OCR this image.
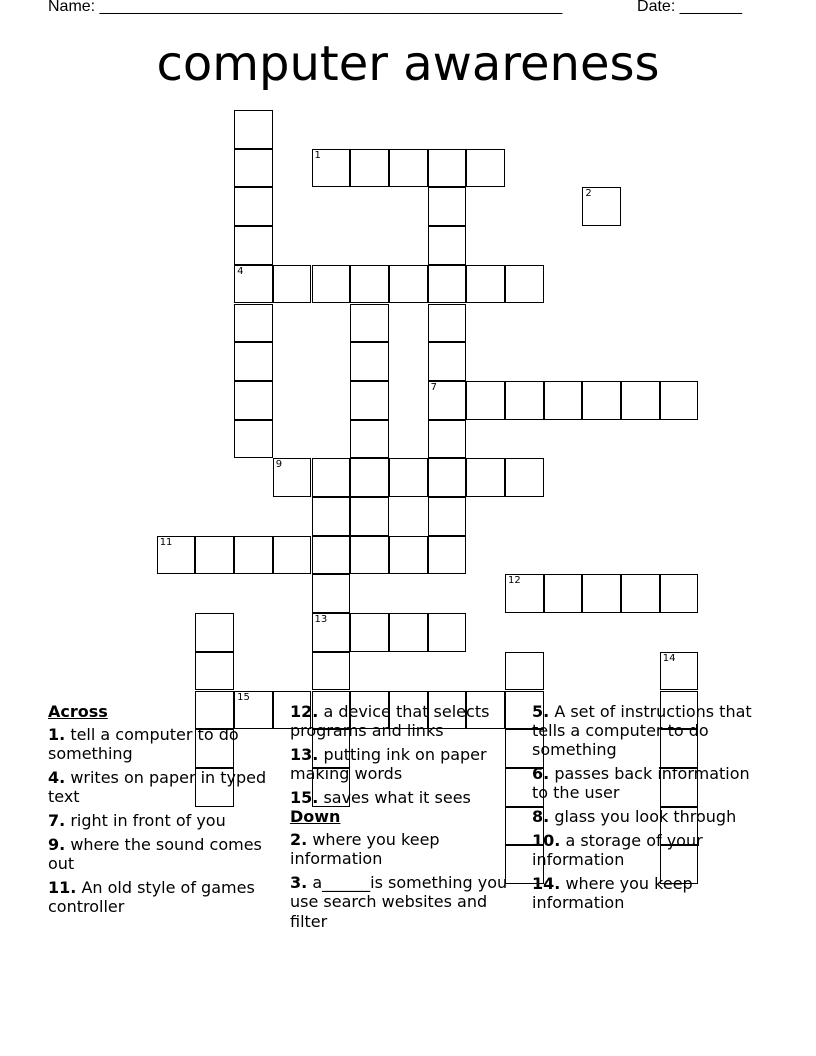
Name: ____________________________________________________	Date: _______
computer awareness
1
4
7
9
11
12
13
15
2
14
Across
1. tell a computer to do something
4. writes on paper in typed text
7. right in front of you
9. where the sound comes out
11. An old style of games controller
12. a device that selects programs and links
13. putting ink on paper making words
15. saves what it sees
Down
2. where you keep information
3. a______is something you use search websites and filter
5. A set of instructions that tells a computer to do something
6. passes back information to the user
8. glass you look through
10. a storage of your information
14. where you keep information
